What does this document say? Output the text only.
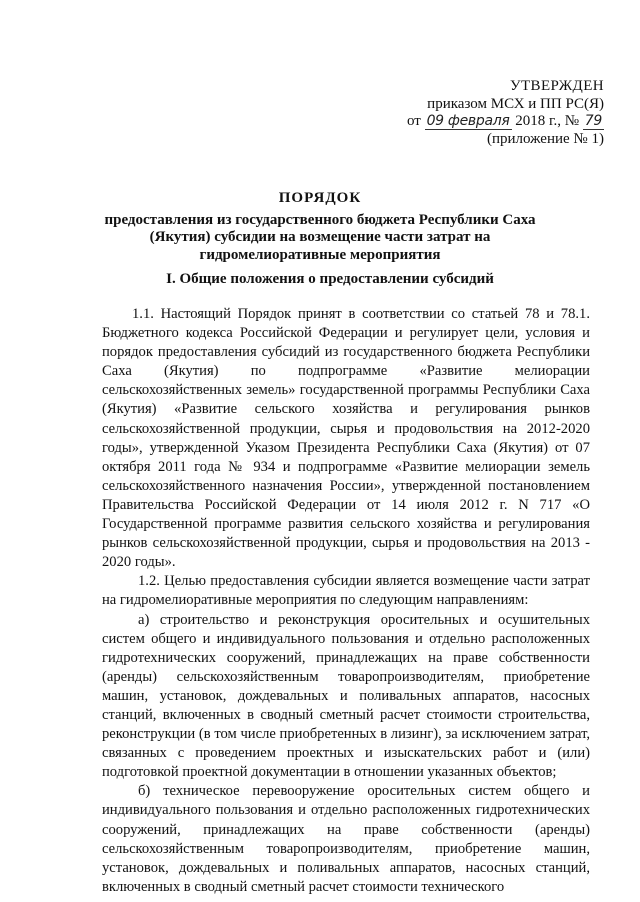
УТВЕРЖДЕН
приказом МСХ и ПП РС(Я)
от 09 февраля 2018 г., № 79
(приложение № 1)
ПОРЯДОК
предоставления из государственного бюджета Республики Саха (Якутия) субсидии на возмещение части затрат на гидромелиоративные мероприятия
I. Общие положения о предоставлении субсидий

1.1. Настоящий Порядок принят в соответствии со статьей 78 и 78.1. Бюджетного кодекса Российской Федерации и регулирует цели, условия и порядок предоставления субсидий из государственного бюджета Республики Саха (Якутия) по подпрограмме «Развитие мелиорации сельскохозяйственных земель» государственной программы Республики Саха (Якутия) «Развитие сельского хозяйства и регулирования рынков сельскохозяйственной продукции, сырья и продовольствия на 2012-2020 годы», утвержденной Указом Президента Республики Саха (Якутия) от 07 октября 2011 года № 934 и подпрограмме «Развитие мелиорации земель сельскохозяйственного назначения России», утвержденной постановлением Правительства Российской Федерации от 14 июля 2012 г. N 717 «О Государственной программе развития сельского хозяйства и регулирования рынков сельскохозяйственной продукции, сырья и продовольствия на 2013 - 2020 годы».

1.2. Целью предоставления субсидии является возмещение части затрат на гидромелиоративные мероприятия по следующим направлениям:

а) строительство и реконструкция оросительных и осушительных систем общего и индивидуального пользования и отдельно расположенных гидротехнических сооружений, принадлежащих на праве собственности (аренды) сельскохозяйственным товаропроизводителям, приобретение машин, установок, дождевальных и поливальных аппаратов, насосных станций, включенных в сводный сметный расчет стоимости строительства, реконструкции (в том числе приобретенных в лизинг), за исключением затрат, связанных с проведением проектных и изыскательских работ и (или) подготовкой проектной документации в отношении указанных объектов;

б) техническое перевооружение оросительных систем общего и индивидуального пользования и отдельно расположенных гидротехнических сооружений, принадлежащих на праве собственности (аренды) сельскохозяйственным товаропроизводителям, приобретение машин, установок, дождевальных и поливальных аппаратов, насосных станций, включенных в сводный сметный расчет стоимости технического
